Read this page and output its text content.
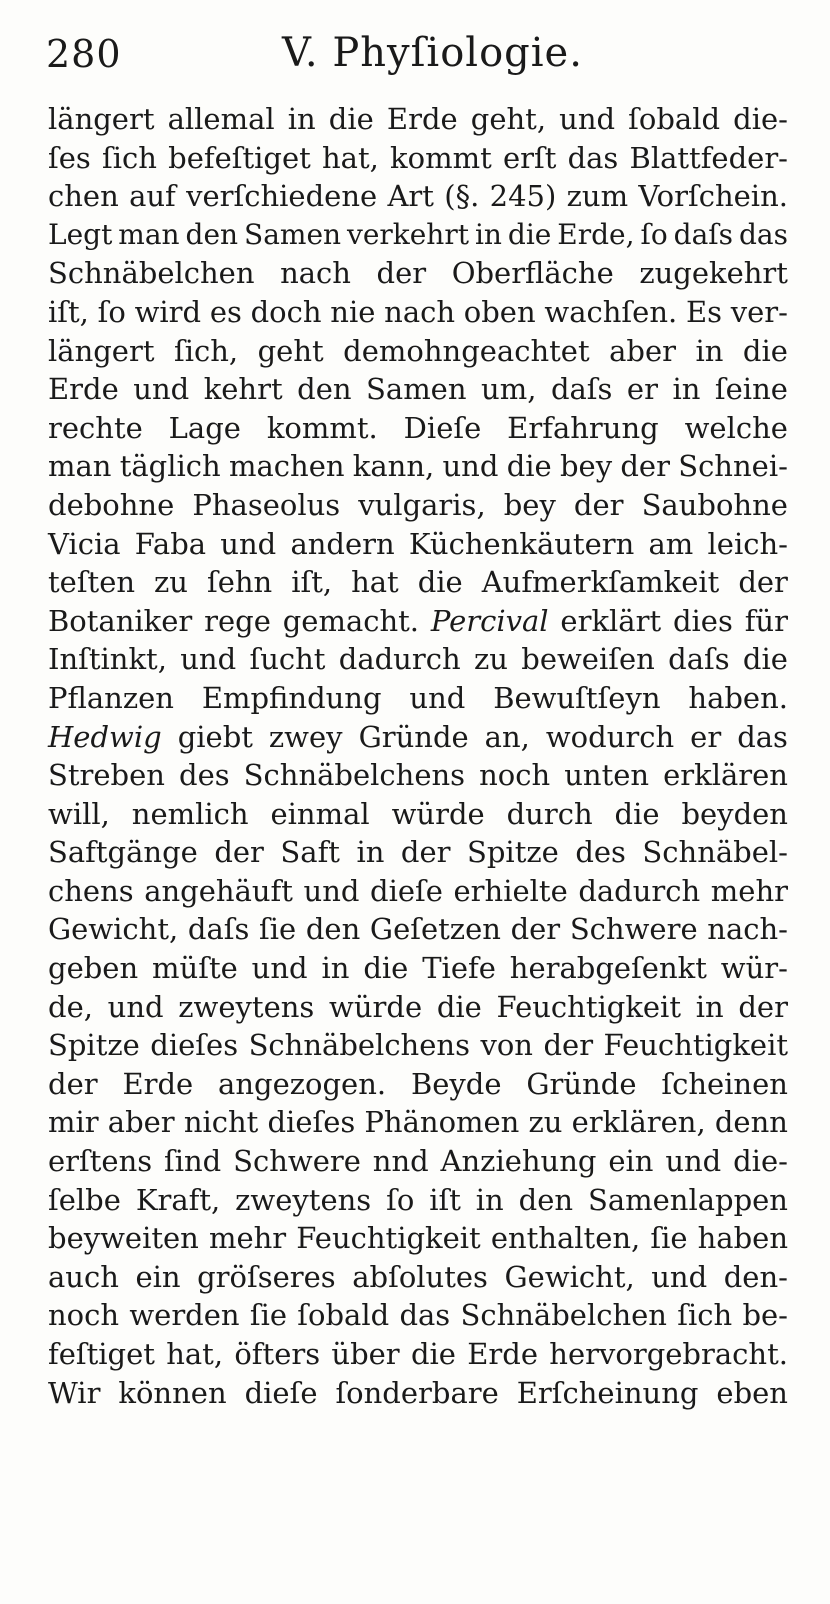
280	V. Phyſiologie.
längert allemal in die Erde geht, und ſobald die-
ſes ſich befeſtiget hat, kommt erſt das Blattfeder-
chen auf verſchiedene Art (§. 245) zum Vorſchein.
Legt man den Samen verkehrt in die Erde, ſo daſs das
Schnäbelchen nach der Oberfläche zugekehrt
iſt, ſo wird es doch nie nach oben wachſen. Es ver-
längert ſich, geht demohngeachtet aber in die
Erde und kehrt den Samen um, daſs er in ſeine
rechte Lage kommt. Dieſe Erfahrung welche
man täglich machen kann, und die bey der Schnei-
debohne Phaseolus vulgaris, bey der Saubohne
Vicia Faba und andern Küchenkäutern am leich-
teſten zu ſehn iſt, hat die Aufmerkſamkeit der
Botaniker rege gemacht. Percival erklärt dies für
Inſtinkt, und ſucht dadurch zu beweiſen daſs die
Pflanzen Empfindung und Bewuſtſeyn haben.
Hedwig giebt zwey Gründe an, wodurch er das
Streben des Schnäbelchens noch unten erklären
will, nemlich einmal würde durch die beyden
Saftgänge der Saft in der Spitze des Schnäbel-
chens angehäuft und dieſe erhielte dadurch mehr
Gewicht, daſs ſie den Geſetzen der Schwere nach-
geben müſte und in die Tiefe herabgeſenkt wür-
de, und zweytens würde die Feuchtigkeit in der
Spitze dieſes Schnäbelchens von der Feuchtigkeit
der Erde angezogen. Beyde Gründe ſcheinen
mir aber nicht dieſes Phänomen zu erklären, denn
erſtens ſind Schwere nnd Anziehung ein und die-
ſelbe Kraft, zweytens ſo iſt in den Samenlappen
beyweiten mehr Feuchtigkeit enthalten, ſie haben
auch ein gröſseres abſolutes Gewicht, und den-
noch werden ſie ſobald das Schnäbelchen ſich be-
feſtiget hat, öfters über die Erde hervorgebracht.
Wir können dieſe ſonderbare Erſcheinung eben
